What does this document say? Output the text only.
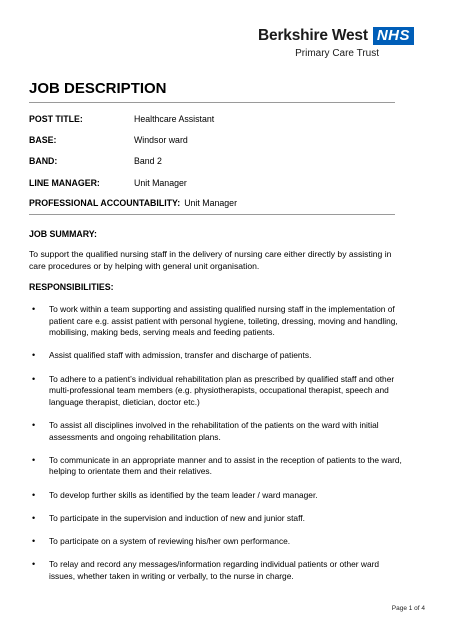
Berkshire West NHS
Primary Care Trust
JOB DESCRIPTION
POST TITLE:	Healthcare Assistant
BASE:	Windsor ward
BAND:	Band 2
LINE MANAGER:	Unit Manager
PROFESSIONAL ACCOUNTABILITY: Unit Manager
JOB SUMMARY:
To support the qualified nursing staff in the delivery of nursing care either directly by assisting in care procedures or by helping with general unit organisation.
RESPONSIBILITIES:
• To work within a team supporting and assisting qualified nursing staff in the implementation of patient care e.g. assist patient with personal hygiene, toileting, dressing, moving and handling, mobilising, making beds, serving meals and feeding patients.
• Assist qualified staff with admission, transfer and discharge of patients.
• To adhere to a patient’s individual rehabilitation plan as prescribed by qualified staff and other multi-professional team members (e.g. physiotherapists, occupational therapist, speech and language therapist, dietician, doctor etc.)
• To assist all disciplines involved in the rehabilitation of the patients on the ward with initial assessments and ongoing rehabilitation plans.
• To communicate in an appropriate manner and to assist in the reception of patients to the ward, helping to orientate them and their relatives.
• To develop further skills as identified by the team leader / ward manager.
• To participate in the supervision and induction of new and junior staff.
• To participate on a system of reviewing his/her own performance.
• To relay and record any messages/information regarding individual patients or other ward issues, whether taken in writing or verbally, to the nurse in charge.
Page 1 of 4
